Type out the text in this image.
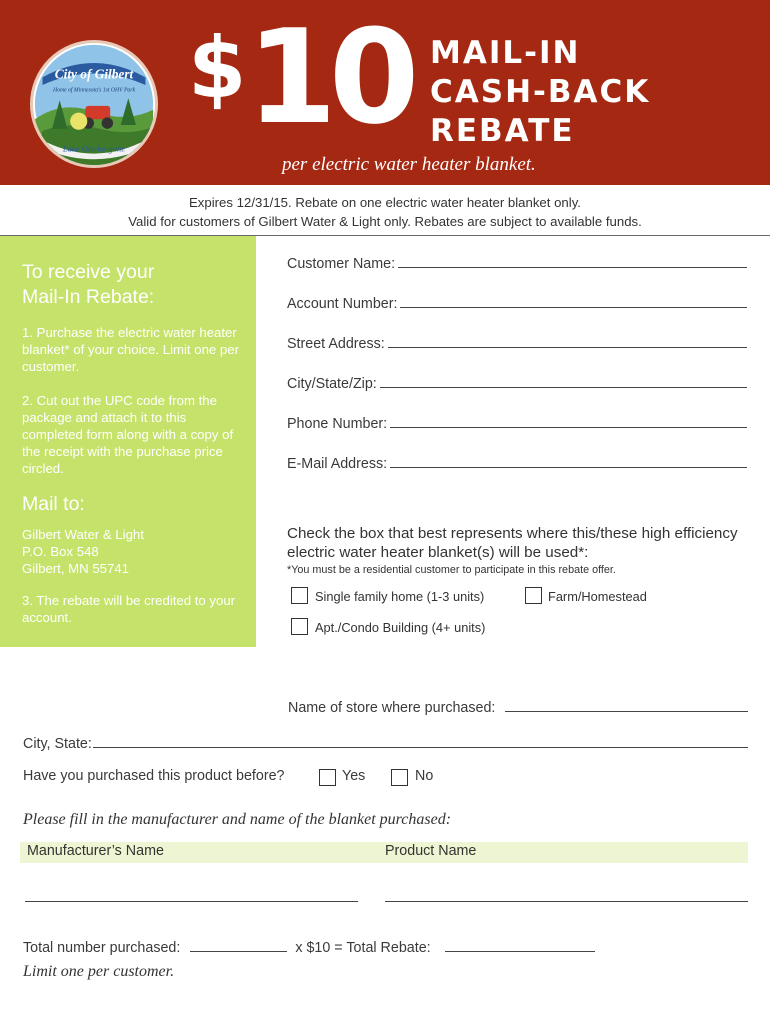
City of Gilbert
Home of Minnesota's 1st OHV Park
Lake Ore-be-gone
$10 MAIL-IN
CASH-BACK
REBATE
per electric water heater blanket.
Expires 12/31/15. Rebate on one electric water heater blanket only.
Valid for customers of Gilbert Water & Light only. Rebates are subject to available funds.
To receive your
Mail-In Rebate:
1. Purchase the electric water heater blanket* of your choice. Limit one per customer.
2. Cut out the UPC code from the package and attach it to this completed form along with a copy of the receipt with the purchase price circled.
Mail to:
Gilbert Water & Light
P.O. Box 548
Gilbert, MN 55741
3. The rebate will be credited to your account.
Customer Name:
Account Number:
Street Address:
City/State/Zip:
Phone Number:
E-Mail Address:
Check the box that best represents where this/these high efficiency electric water heater blanket(s) will be used*:
*You must be a residential customer to participate in this rebate offer.
Single family home (1-3 units)	Farm/Homestead
Apt./Condo Building (4+ units)
Name of store where purchased:
City, State:
Have you purchased this product before?	Yes	No
Please fill in the manufacturer and name of the blanket purchased:
Manufacturer’s Name	Product Name
Total number purchased:	x $10 = Total Rebate:
Limit one per customer.
